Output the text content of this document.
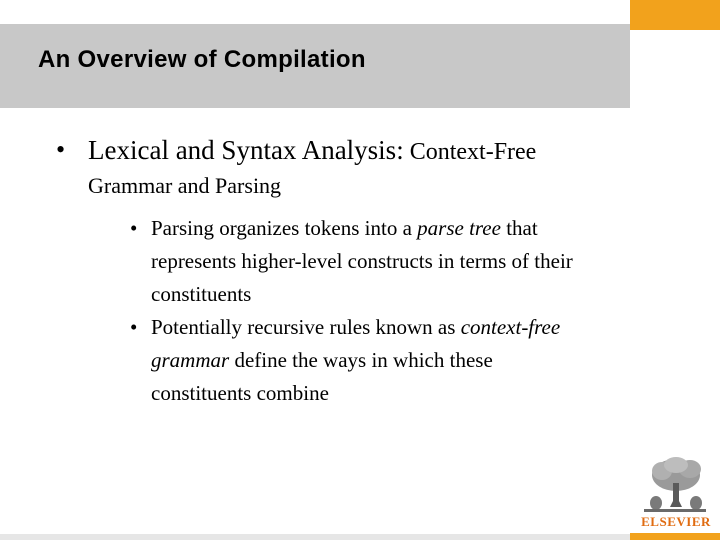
An Overview of Compilation
• Lexical and Syntax Analysis: Context-Free
Grammar and Parsing
• Parsing organizes tokens into a parse tree that
represents higher-level constructs in terms of their
constituents
• Potentially recursive rules known as context-free
grammar define the ways in which these
constituents combine
ELSEVIER
